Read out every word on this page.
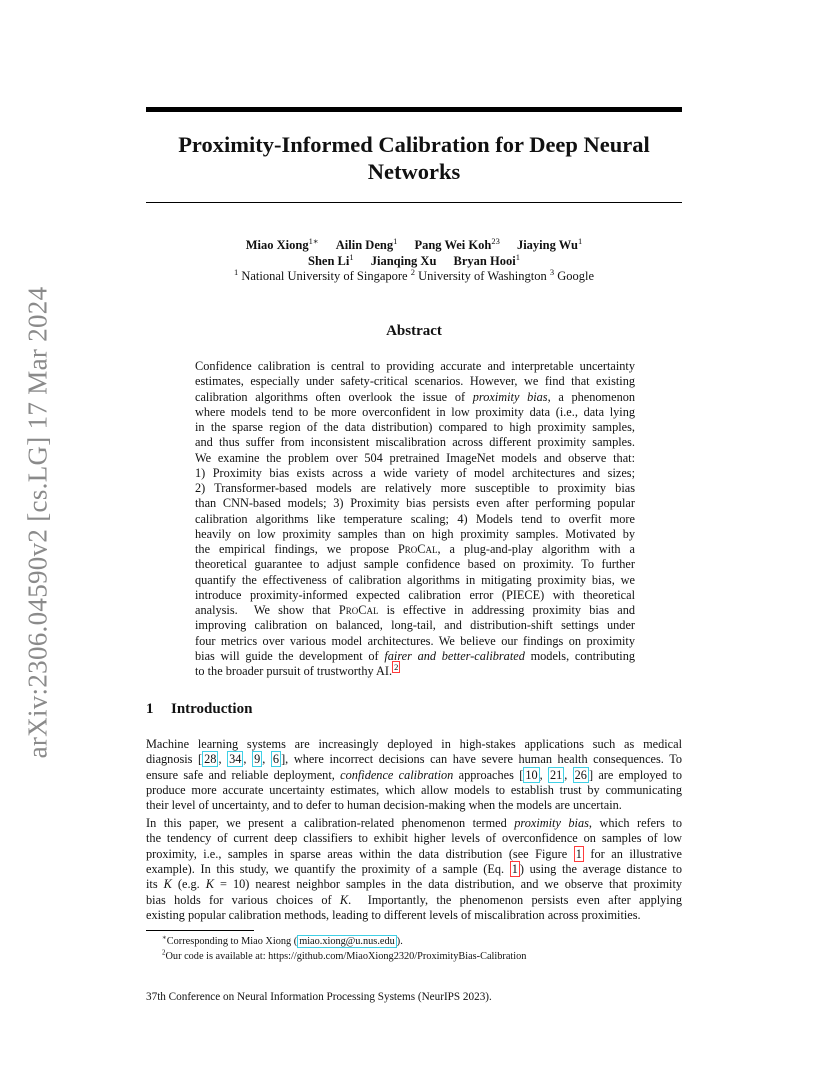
arXiv:2306.04590v2 [cs.LG] 17 Mar 2024
Proximity-Informed Calibration for Deep Neural
Networks
Miao Xiong$^{1∗}$ Ailin Deng$^1$ Pang Wei Koh$^{23}$ Jiaying Wu$^1$
Shen Li$^1$ Jianqing Xu Bryan Hooi$^1$
$^1$ National University of Singapore $^2$ University of Washington $^3$ Google
Abstract
Confidence calibration is central to providing accurate and interpretable uncertainty
estimates, especially under safety-critical scenarios. However, we find that existing
calibration algorithms often overlook the issue of proximity bias, a phenomenon
where models tend to be more overconfident in low proximity data (i.e., data lying
in the sparse region of the data distribution) compared to high proximity samples,
and thus suffer from inconsistent miscalibration across different proximity samples.
We examine the problem over 504 pretrained ImageNet models and observe that:
1) Proximity bias exists across a wide variety of model architectures and sizes;
2) Transformer-based models are relatively more susceptible to proximity bias
than CNN-based models; 3) Proximity bias persists even after performing popular
calibration algorithms like temperature scaling; 4) Models tend to overfit more
heavily on low proximity samples than on high proximity samples. Motivated by
the empirical findings, we propose ProCal, a plug-and-play algorithm with a
theoretical guarantee to adjust sample confidence based on proximity. To further
quantify the effectiveness of calibration algorithms in mitigating proximity bias, we
introduce proximity-informed expected calibration error (PIECE) with theoretical
analysis.  We show that ProCal is effective in addressing proximity bias and
improving calibration on balanced, long-tail, and distribution-shift settings under
four metrics over various model architectures. We believe our findings on proximity
bias will guide the development of fairer and better-calibrated models, contributing
to the broader pursuit of trustworthy AI. $^2$
1 Introduction
Machine learning systems are increasingly deployed in high-stakes applications such as medical
diagnosis [ 28 , 34 , 9 , 6 ], where incorrect decisions can have severe human health consequences. To
ensure safe and reliable deployment, confidence calibration approaches [ 10 , 21 , 26 ] are employed to
produce more accurate uncertainty estimates, which allow models to establish trust by communicating
their level of uncertainty, and to defer to human decision-making when the models are uncertain.
In this paper, we present a calibration-related phenomenon termed proximity bias, which refers to
the tendency of current deep classifiers to exhibit higher levels of overconfidence on samples of low
proximity, i.e., samples in sparse areas within the data distribution (see Figure 1 for an illustrative
example). In this study, we quantify the proximity of a sample (Eq. 1 ) using the average distance to
its K (e.g. K = 10) nearest neighbor samples in the data distribution, and we observe that proximity
bias holds for various choices of K.  Importantly, the phenomenon persists even after applying
existing popular calibration methods, leading to different levels of miscalibration across proximities.
∗Corresponding to Miao Xiong ( miao.xiong@u.nus.edu ).
$^2$Our code is available at: https://github.com/MiaoXiong2320/ProximityBias-Calibration
37th Conference on Neural Information Processing Systems (NeurIPS 2023).
